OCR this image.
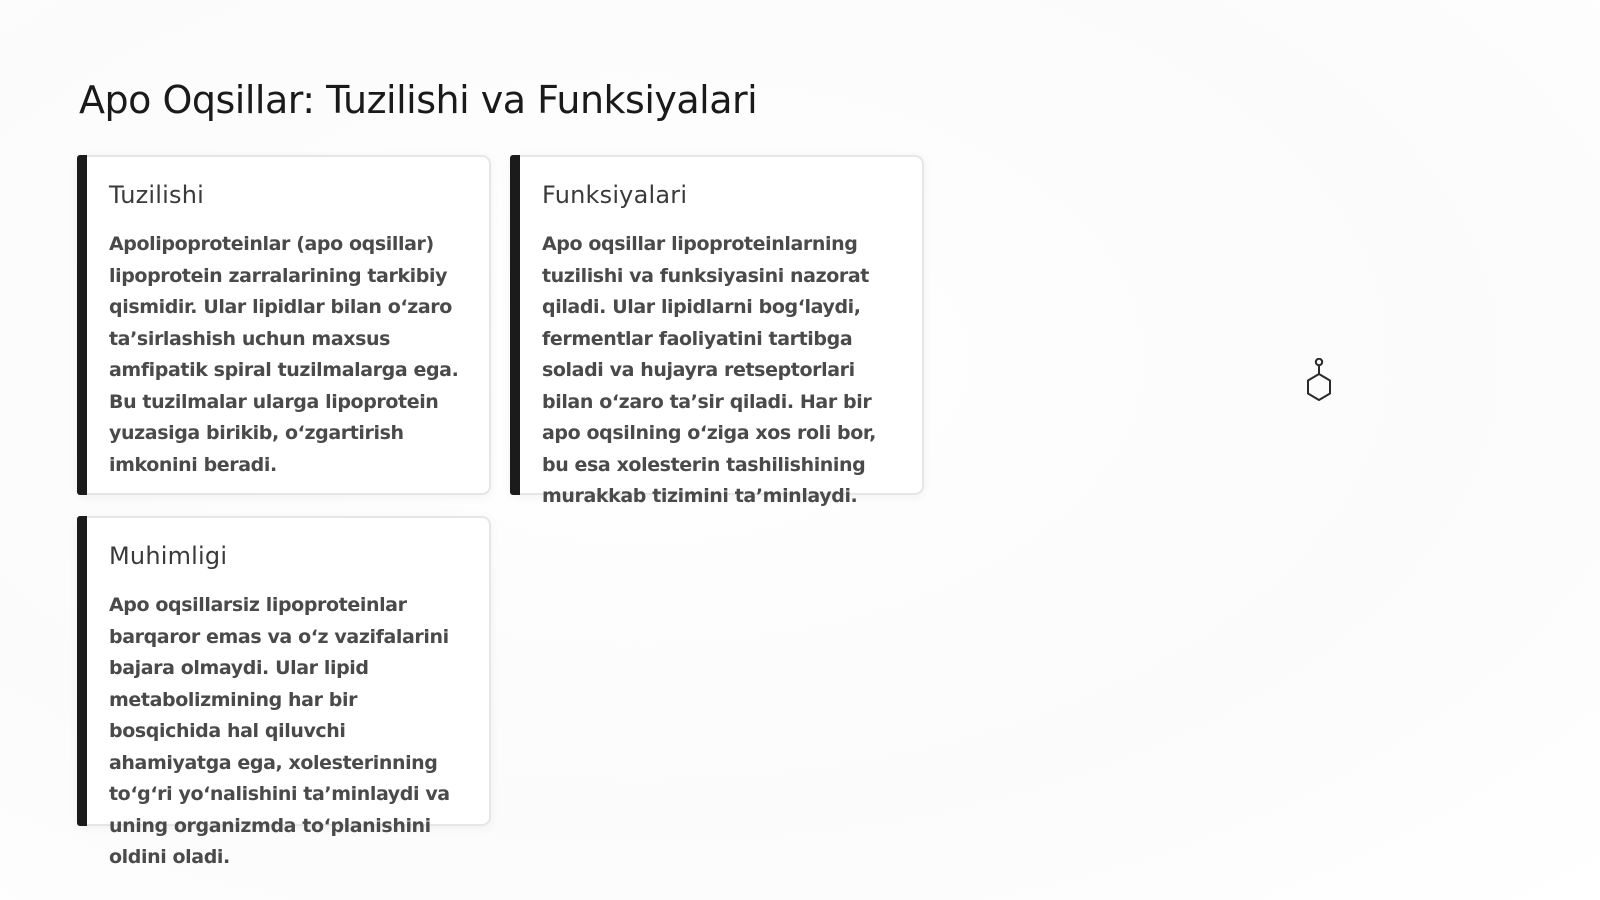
Apo Oqsillar: Tuzilishi va Funksiyalari
Tuzilishi

Apolipoproteinlar (apo oqsillar) lipoprotein zarralarining tarkibiy qismidir. Ular lipidlar bilan o‘zaro ta’sirlashish uchun maxsus amfipatik spiral tuzilmalarga ega. Bu tuzilmalar ularga lipoprotein yuzasiga birikib, o‘zgartirish imkonini beradi.

Funksiyalari

Apo oqsillar lipoproteinlarning tuzilishi va funksiyasini nazorat qiladi. Ular lipidlarni bog‘laydi, fermentlar faoliyatini tartibga soladi va hujayra retseptorlari bilan o‘zaro ta’sir qiladi. Har bir apo oqsilning o‘ziga xos roli bor, bu esa xolesterin tashilishining murakkab tizimini ta’minlaydi.

Muhimligi

Apo oqsillarsiz lipoproteinlar barqaror emas va o‘z vazifalarini bajara olmaydi. Ular lipid metabolizmining har bir bosqichida hal qiluvchi ahamiyatga ega, xolesterinning to‘g‘ri yo‘nalishini ta’minlaydi va uning organizmda to‘planishini oldini oladi.
